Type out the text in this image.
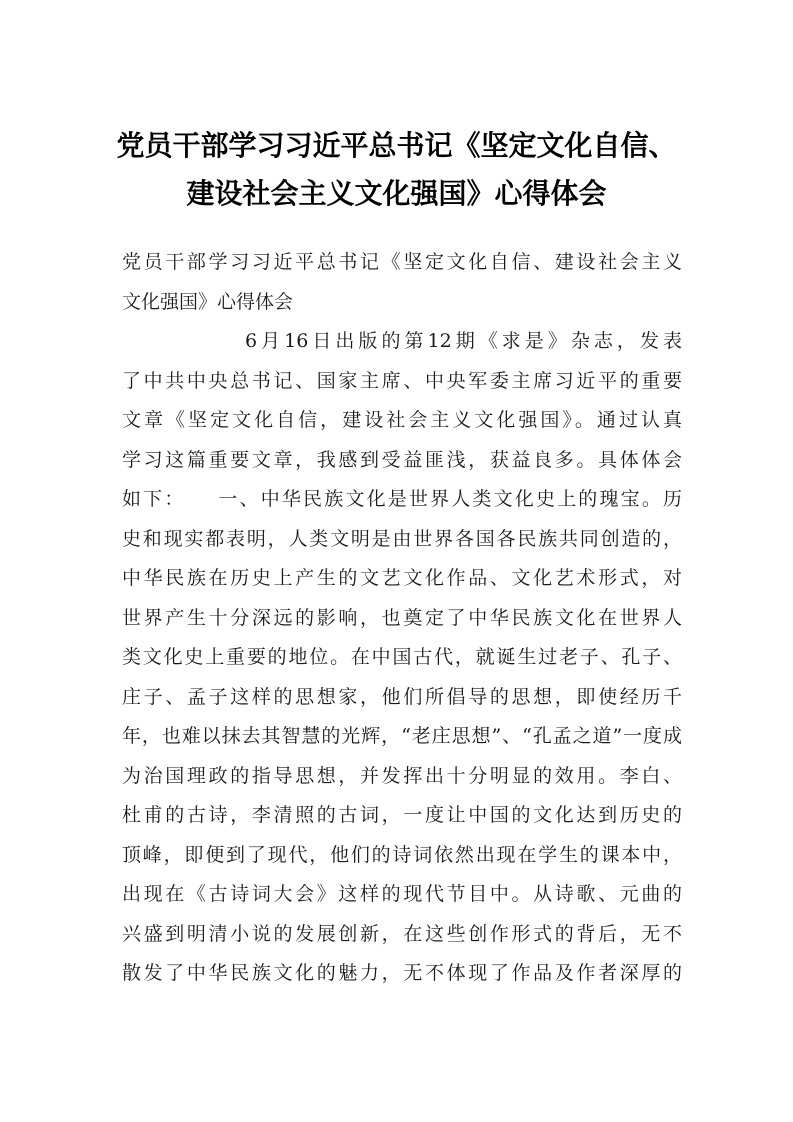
党员干部学习习近平总书记《坚定文化自信、
建设社会主义文化强国》心得体会
党员干部学习习近平总书记《坚定文化自信、建设社会主义
文化强国》心得体会
6月16日出版的第12期《求是》杂志，发表
了中共中央总书记、国家主席、中央军委主席习近平的重要
文章《坚定文化自信，建设社会主义文化强国》。通过认真
学习这篇重要文章，我感到受益匪浅，获益良多。具体体会
如下：　　一、中华民族文化是世界人类文化史上的瑰宝。历
史和现实都表明，人类文明是由世界各国各民族共同创造的，
中华民族在历史上产生的文艺文化作品、文化艺术形式，对
世界产生十分深远的影响，也奠定了中华民族文化在世界人
类文化史上重要的地位。在中国古代，就诞生过老子、孔子、
庄子、孟子这样的思想家，他们所倡导的思想，即使经历千
年，也难以抹去其智慧的光辉，“老庄思想”、“孔孟之道”一度成
为治国理政的指导思想，并发挥出十分明显的效用。李白、
杜甫的古诗，李清照的古词，一度让中国的文化达到历史的
顶峰，即便到了现代，他们的诗词依然出现在学生的课本中，
出现在《古诗词大会》这样的现代节目中。从诗歌、元曲的
兴盛到明清小说的发展创新，在这些创作形式的背后，无不
散发了中华民族文化的魅力，无不体现了作品及作者深厚的
